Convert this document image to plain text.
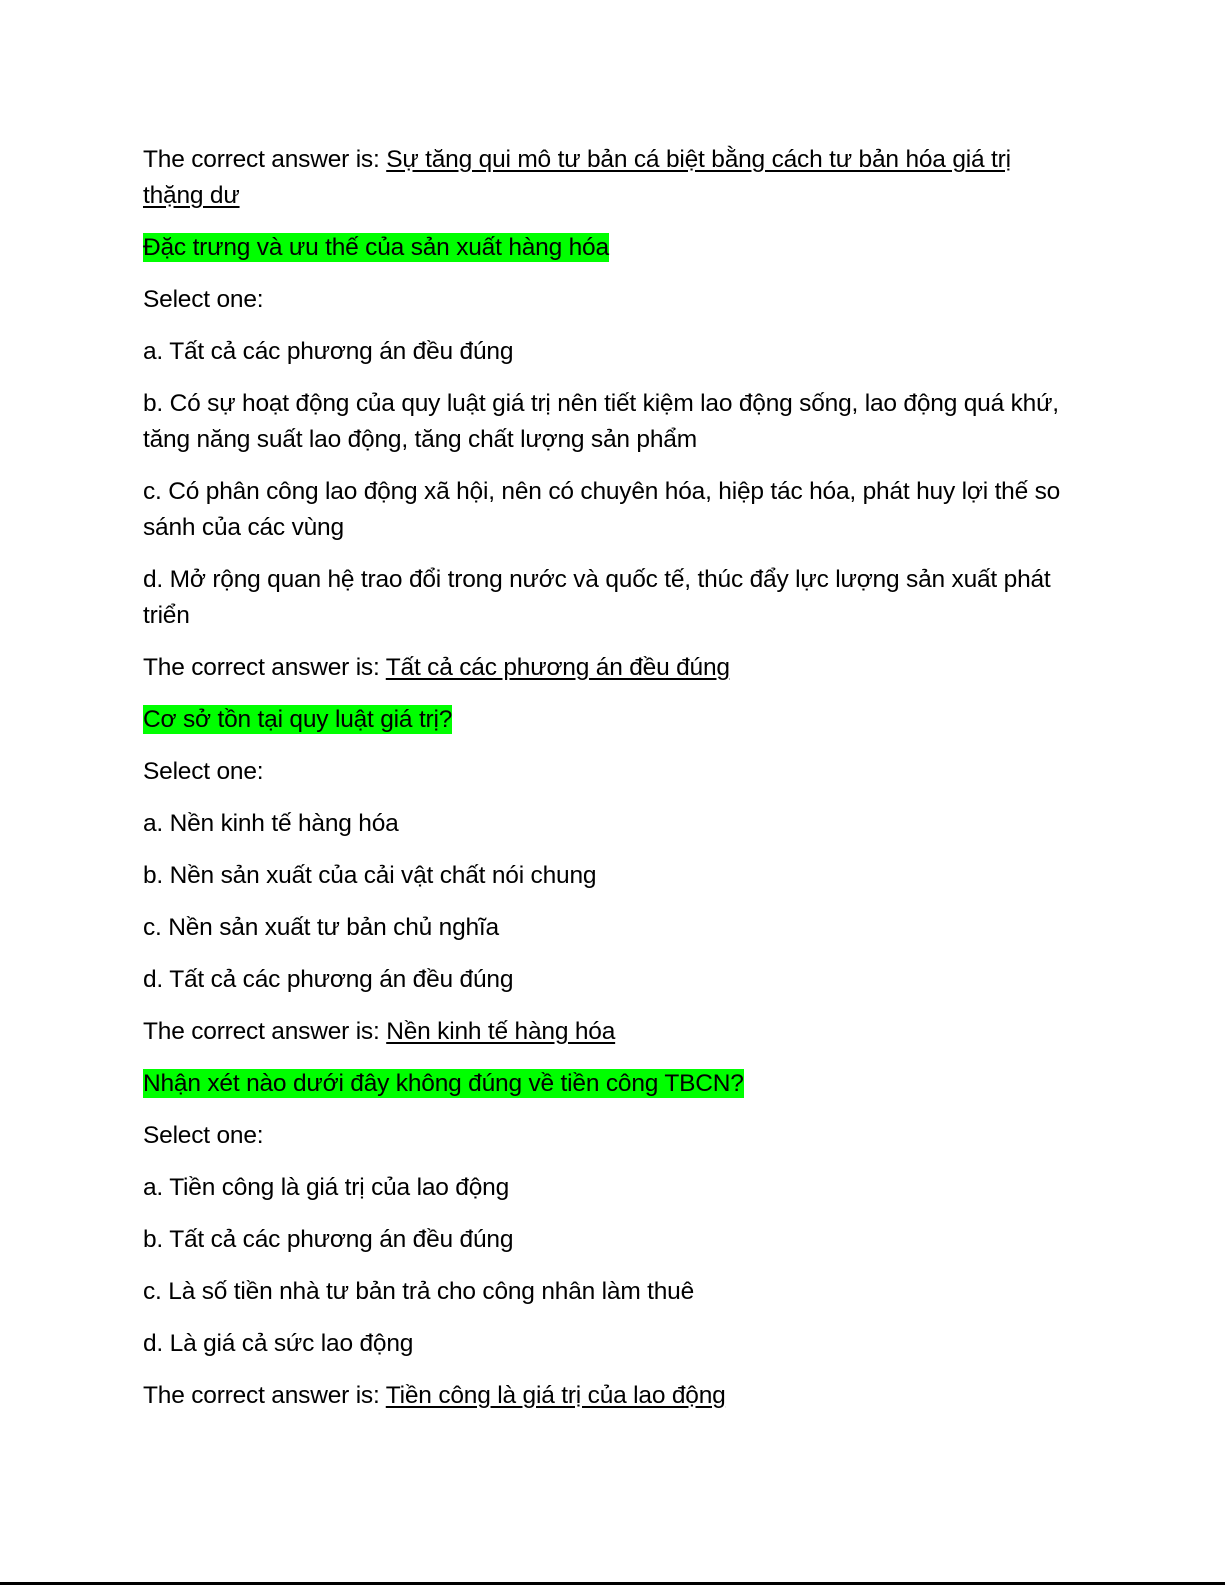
The correct answer is: Sự tăng qui mô tư bản cá biệt bằng cách tư bản hóa giá trị thặng dư

Đặc trưng và ưu thế của sản xuất hàng hóa

Select one:

a. Tất cả các phương án đều đúng

b. Có sự hoạt động của quy luật giá trị nên tiết kiệm lao động sống, lao động quá khứ, tăng năng suất lao động, tăng chất lượng sản phẩm

c. Có phân công lao động xã hội, nên có chuyên hóa, hiệp tác hóa, phát huy lợi thế so sánh của các vùng

d. Mở rộng quan hệ trao đổi trong nước và quốc tế, thúc đẩy lực lượng sản xuất phát triển

The correct answer is: Tất cả các phương án đều đúng

Cơ sở tồn tại quy luật giá trị?

Select one:

a. Nền kinh tế hàng hóa

b. Nền sản xuất của cải vật chất nói chung

c. Nền sản xuất tư bản chủ nghĩa

d. Tất cả các phương án đều đúng

The correct answer is: Nền kinh tế hàng hóa

Nhận xét nào dưới đây không đúng về tiền công TBCN?

Select one:

a. Tiền công là giá trị của lao động

b. Tất cả các phương án đều đúng

c. Là số tiền nhà tư bản trả cho công nhân làm thuê

d. Là giá cả sức lao động

The correct answer is: Tiền công là giá trị của lao động
